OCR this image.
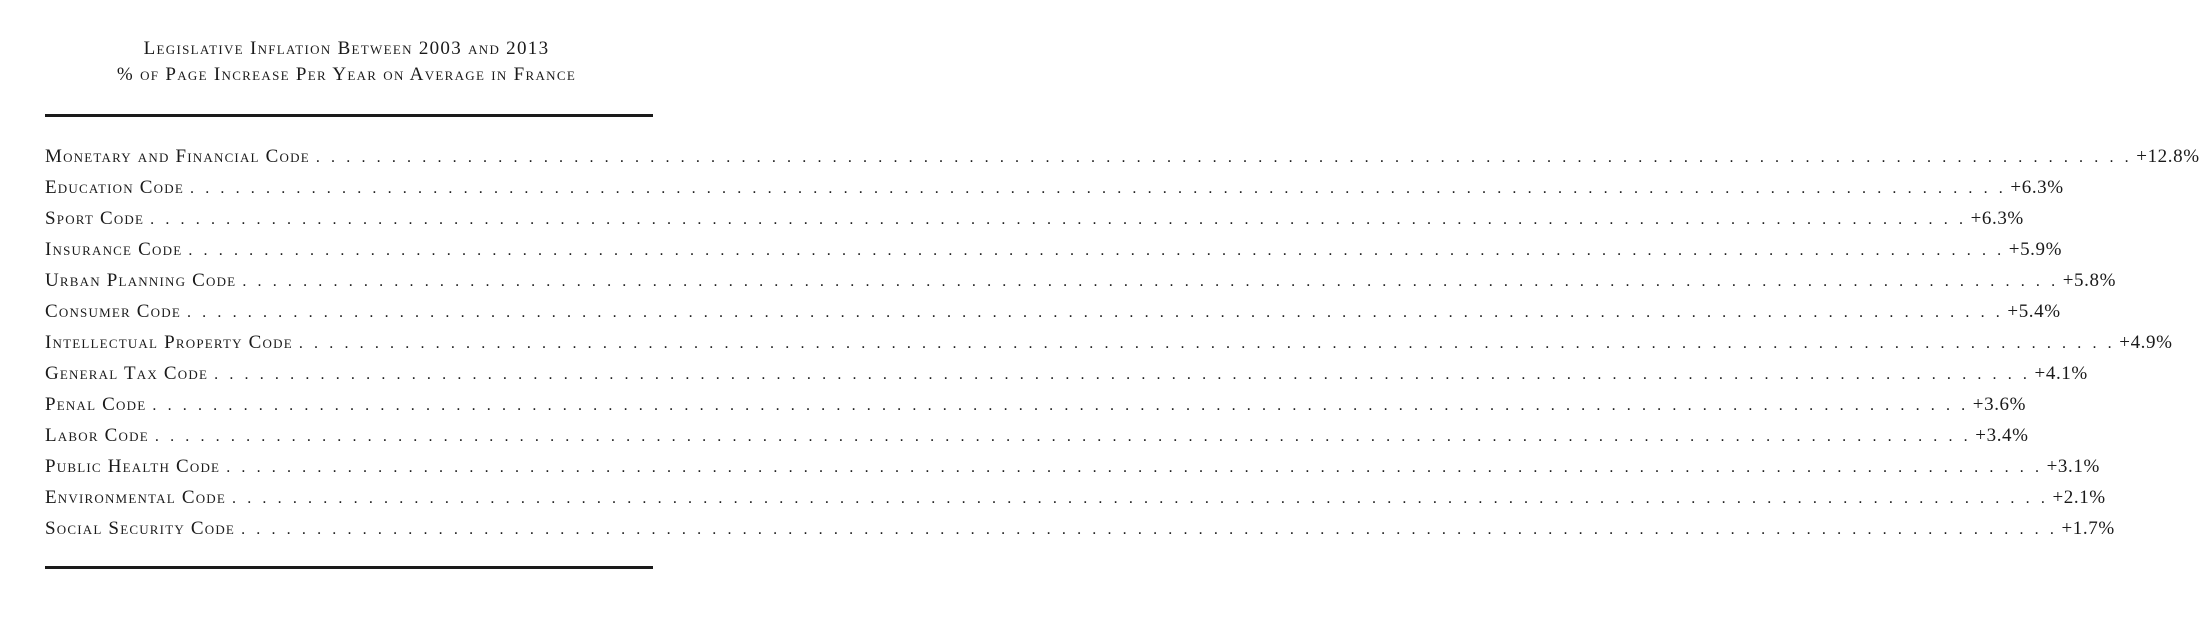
Legislative Inflation Between 2003 and 2013
% of Page Increase Per Year on Average in France
Monetary and Financial Code . . . . . . . . . . . . . . . . . . . . . . . . . . . . . . . . . . . . . . . . . . . . . . . . . . . . . . . . . . . . . . . . . . . . . . . . . . . . . . . . . . . . . . . . . . . . . . . . . . . . . . . . . . . . . . . . . . . . . . . . +12.8%
Education Code . . . . . . . . . . . . . . . . . . . . . . . . . . . . . . . . . . . . . . . . . . . . . . . . . . . . . . . . . . . . . . . . . . . . . . . . . . . . . . . . . . . . . . . . . . . . . . . . . . . . . . . . . . . . . . . . . . . . . . . . +6.3%
Sport Code . . . . . . . . . . . . . . . . . . . . . . . . . . . . . . . . . . . . . . . . . . . . . . . . . . . . . . . . . . . . . . . . . . . . . . . . . . . . . . . . . . . . . . . . . . . . . . . . . . . . . . . . . . . . . . . . . . . . . . . . +6.3%
Insurance Code . . . . . . . . . . . . . . . . . . . . . . . . . . . . . . . . . . . . . . . . . . . . . . . . . . . . . . . . . . . . . . . . . . . . . . . . . . . . . . . . . . . . . . . . . . . . . . . . . . . . . . . . . . . . . . . . . . . . . . . . +5.9%
Urban Planning Code . . . . . . . . . . . . . . . . . . . . . . . . . . . . . . . . . . . . . . . . . . . . . . . . . . . . . . . . . . . . . . . . . . . . . . . . . . . . . . . . . . . . . . . . . . . . . . . . . . . . . . . . . . . . . . . . . . . . . . . . +5.8%
Consumer Code . . . . . . . . . . . . . . . . . . . . . . . . . . . . . . . . . . . . . . . . . . . . . . . . . . . . . . . . . . . . . . . . . . . . . . . . . . . . . . . . . . . . . . . . . . . . . . . . . . . . . . . . . . . . . . . . . . . . . . . . +5.4%
Intellectual Property Code . . . . . . . . . . . . . . . . . . . . . . . . . . . . . . . . . . . . . . . . . . . . . . . . . . . . . . . . . . . . . . . . . . . . . . . . . . . . . . . . . . . . . . . . . . . . . . . . . . . . . . . . . . . . . . . . . . . . . . . . +4.9%
General Tax Code . . . . . . . . . . . . . . . . . . . . . . . . . . . . . . . . . . . . . . . . . . . . . . . . . . . . . . . . . . . . . . . . . . . . . . . . . . . . . . . . . . . . . . . . . . . . . . . . . . . . . . . . . . . . . . . . . . . . . . . . +4.1%
Penal Code . . . . . . . . . . . . . . . . . . . . . . . . . . . . . . . . . . . . . . . . . . . . . . . . . . . . . . . . . . . . . . . . . . . . . . . . . . . . . . . . . . . . . . . . . . . . . . . . . . . . . . . . . . . . . . . . . . . . . . . . +3.6%
Labor Code . . . . . . . . . . . . . . . . . . . . . . . . . . . . . . . . . . . . . . . . . . . . . . . . . . . . . . . . . . . . . . . . . . . . . . . . . . . . . . . . . . . . . . . . . . . . . . . . . . . . . . . . . . . . . . . . . . . . . . . . +3.4%
Public Health Code . . . . . . . . . . . . . . . . . . . . . . . . . . . . . . . . . . . . . . . . . . . . . . . . . . . . . . . . . . . . . . . . . . . . . . . . . . . . . . . . . . . . . . . . . . . . . . . . . . . . . . . . . . . . . . . . . . . . . . . . +3.1%
Environmental Code . . . . . . . . . . . . . . . . . . . . . . . . . . . . . . . . . . . . . . . . . . . . . . . . . . . . . . . . . . . . . . . . . . . . . . . . . . . . . . . . . . . . . . . . . . . . . . . . . . . . . . . . . . . . . . . . . . . . . . . . +2.1%
Social Security Code . . . . . . . . . . . . . . . . . . . . . . . . . . . . . . . . . . . . . . . . . . . . . . . . . . . . . . . . . . . . . . . . . . . . . . . . . . . . . . . . . . . . . . . . . . . . . . . . . . . . . . . . . . . . . . . . . . . . . . . . +1.7%
